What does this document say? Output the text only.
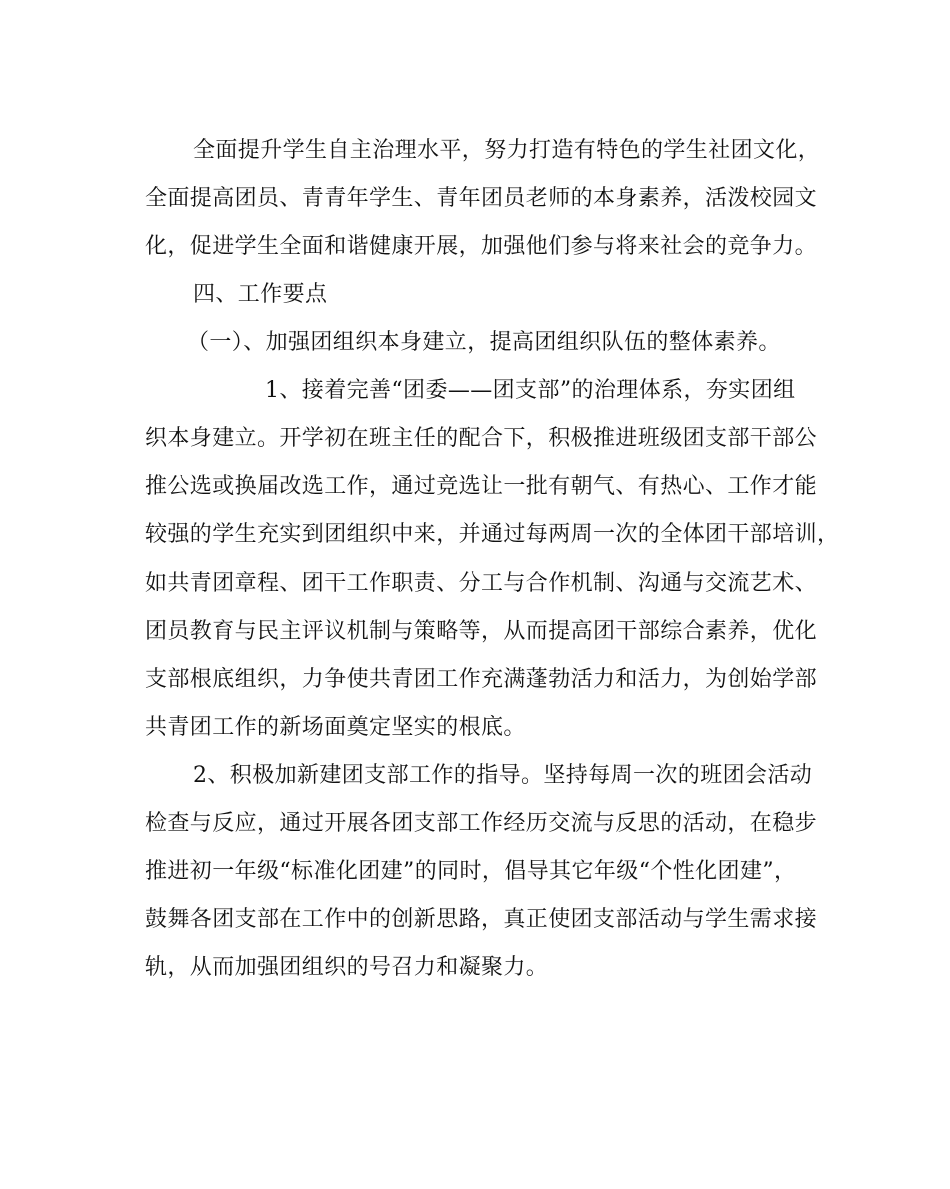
全面提升学生自主治理水平，努力打造有特色的学生社团文化，
全面提高团员、青青年学生、青年团员老师的本身素养，活泼校园文
化，促进学生全面和谐健康开展，加强他们参与将来社会的竞争力。
四、工作要点
（一）、加强团组织本身建立，提高团组织队伍的整体素养。
1、接着完善“团委——团支部”的治理体系，夯实团组
织本身建立。开学初在班主任的配合下，积极推进班级团支部干部公
推公选或换届改选工作，通过竞选让一批有朝气、有热心、工作才能
较强的学生充实到团组织中来，并通过每两周一次的全体团干部培训，
如共青团章程、团干工作职责、分工与合作机制、沟通与交流艺术、
团员教育与民主评议机制与策略等，从而提高团干部综合素养，优化
支部根底组织，力争使共青团工作充满蓬勃活力和活力，为创始学部
共青团工作的新场面奠定坚实的根底。
2、积极加新建团支部工作的指导。坚持每周一次的班团会活动
检查与反应，通过开展各团支部工作经历交流与反思的活动，在稳步
推进初一年级“标准化团建”的同时，倡导其它年级“个性化团建”，
鼓舞各团支部在工作中的创新思路，真正使团支部活动与学生需求接
轨，从而加强团组织的号召力和凝聚力。
